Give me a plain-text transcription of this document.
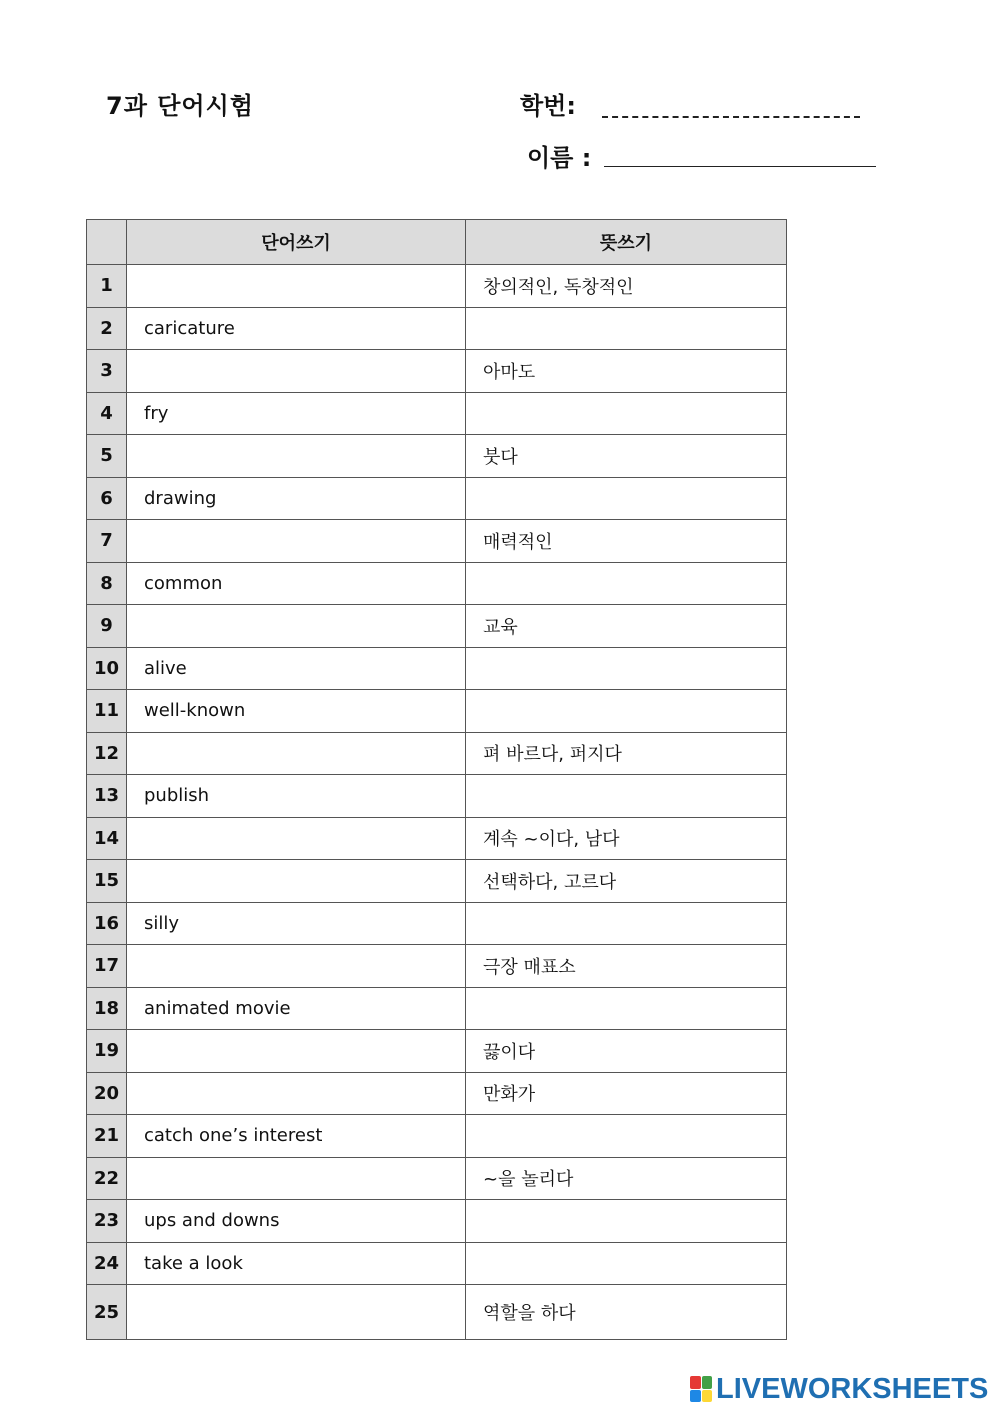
7과 단어시험	학번:
이름 :
	단어쓰기	뜻쓰기
1		창의적인, 독창적인
2	caricature	
3		아마도
4	fry	
5		붓다
6	drawing	
7		매력적인
8	common	
9		교육
10	alive	
11	well-known	
12		펴 바르다, 퍼지다
13	publish	
14		계속 ~이다, 남다
15		선택하다, 고르다
16	silly	
17		극장 매표소
18	animated movie	
19		끓이다
20		만화가
21	catch one’s interest	
22		~을 놀리다
23	ups and downs	
24	take a look	
25		역할을 하다
LIVEWORKSHEETS
